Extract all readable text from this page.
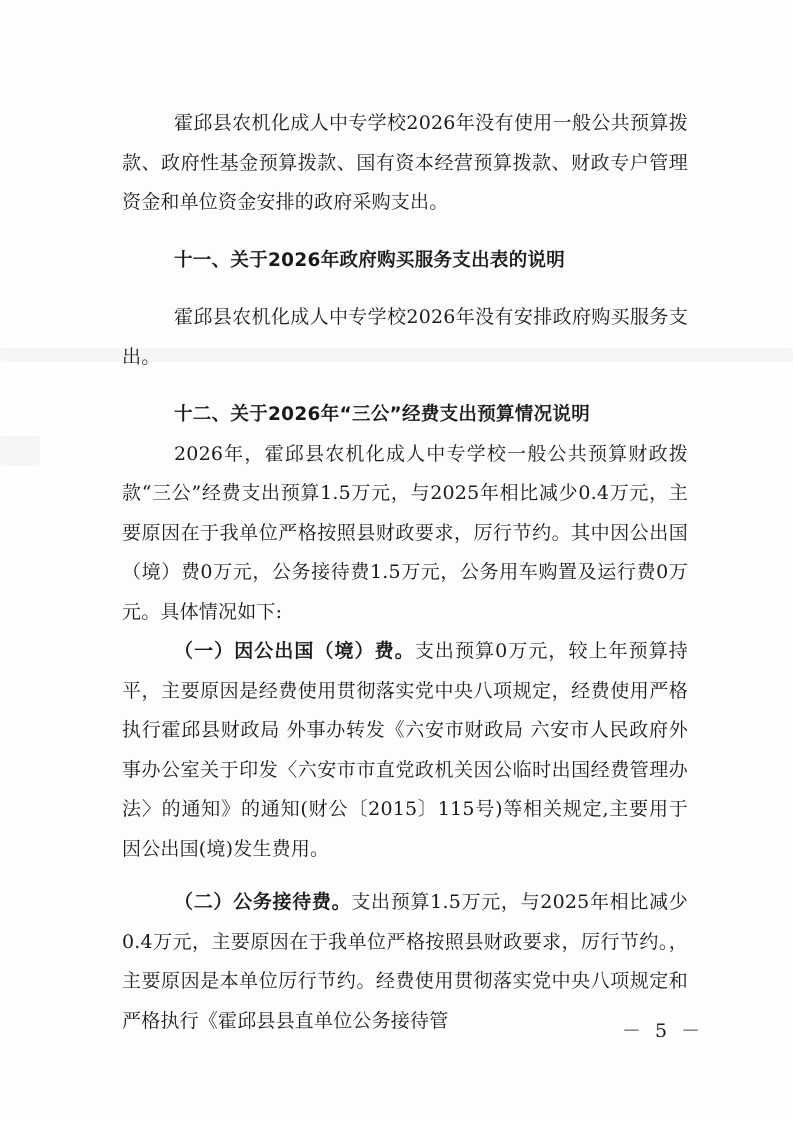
霍邱县农机化成人中专学校2026年没有使用一般公共预算拨款、政府性基金预算拨款、国有资本经营预算拨款、财政专户管理资金和单位资金安排的政府采购支出。

十一、关于2026年政府购买服务支出表的说明

霍邱县农机化成人中专学校2026年没有安排政府购买服务支出。

十二、关于2026年“三公”经费支出预算情况说明

2026年，霍邱县农机化成人中专学校一般公共预算财政拨款“三公”经费支出预算1.5万元，与2025年相比减少0.4万元，主要原因在于我单位严格按照县财政要求，厉行节约。其中因公出国（境）费0万元，公务接待费1.5万元，公务用车购置及运行费0万元。具体情况如下:

（一）因公出国（境）费。支出预算0万元，较上年预算持平，主要原因是经费使用贯彻落实党中央八项规定，经费使用严格执行霍邱县财政局 外事办转发《六安市财政局 六安市人民政府外事办公室关于印发〈六安市市直党政机关因公临时出国经费管理办法〉的通知》的通知(财公〔2015〕115号)等相关规定,主要用于因公出国(境)发生费用。

（二）公务接待费。支出预算1.5万元，与2025年相比减少0.4万元，主要原因在于我单位严格按照县财政要求，厉行节约。，主要原因是本单位厉行节约。经费使用贯彻落实党中央八项规定和严格执行《霍邱县县直单位公务接待管	－ 5 －
